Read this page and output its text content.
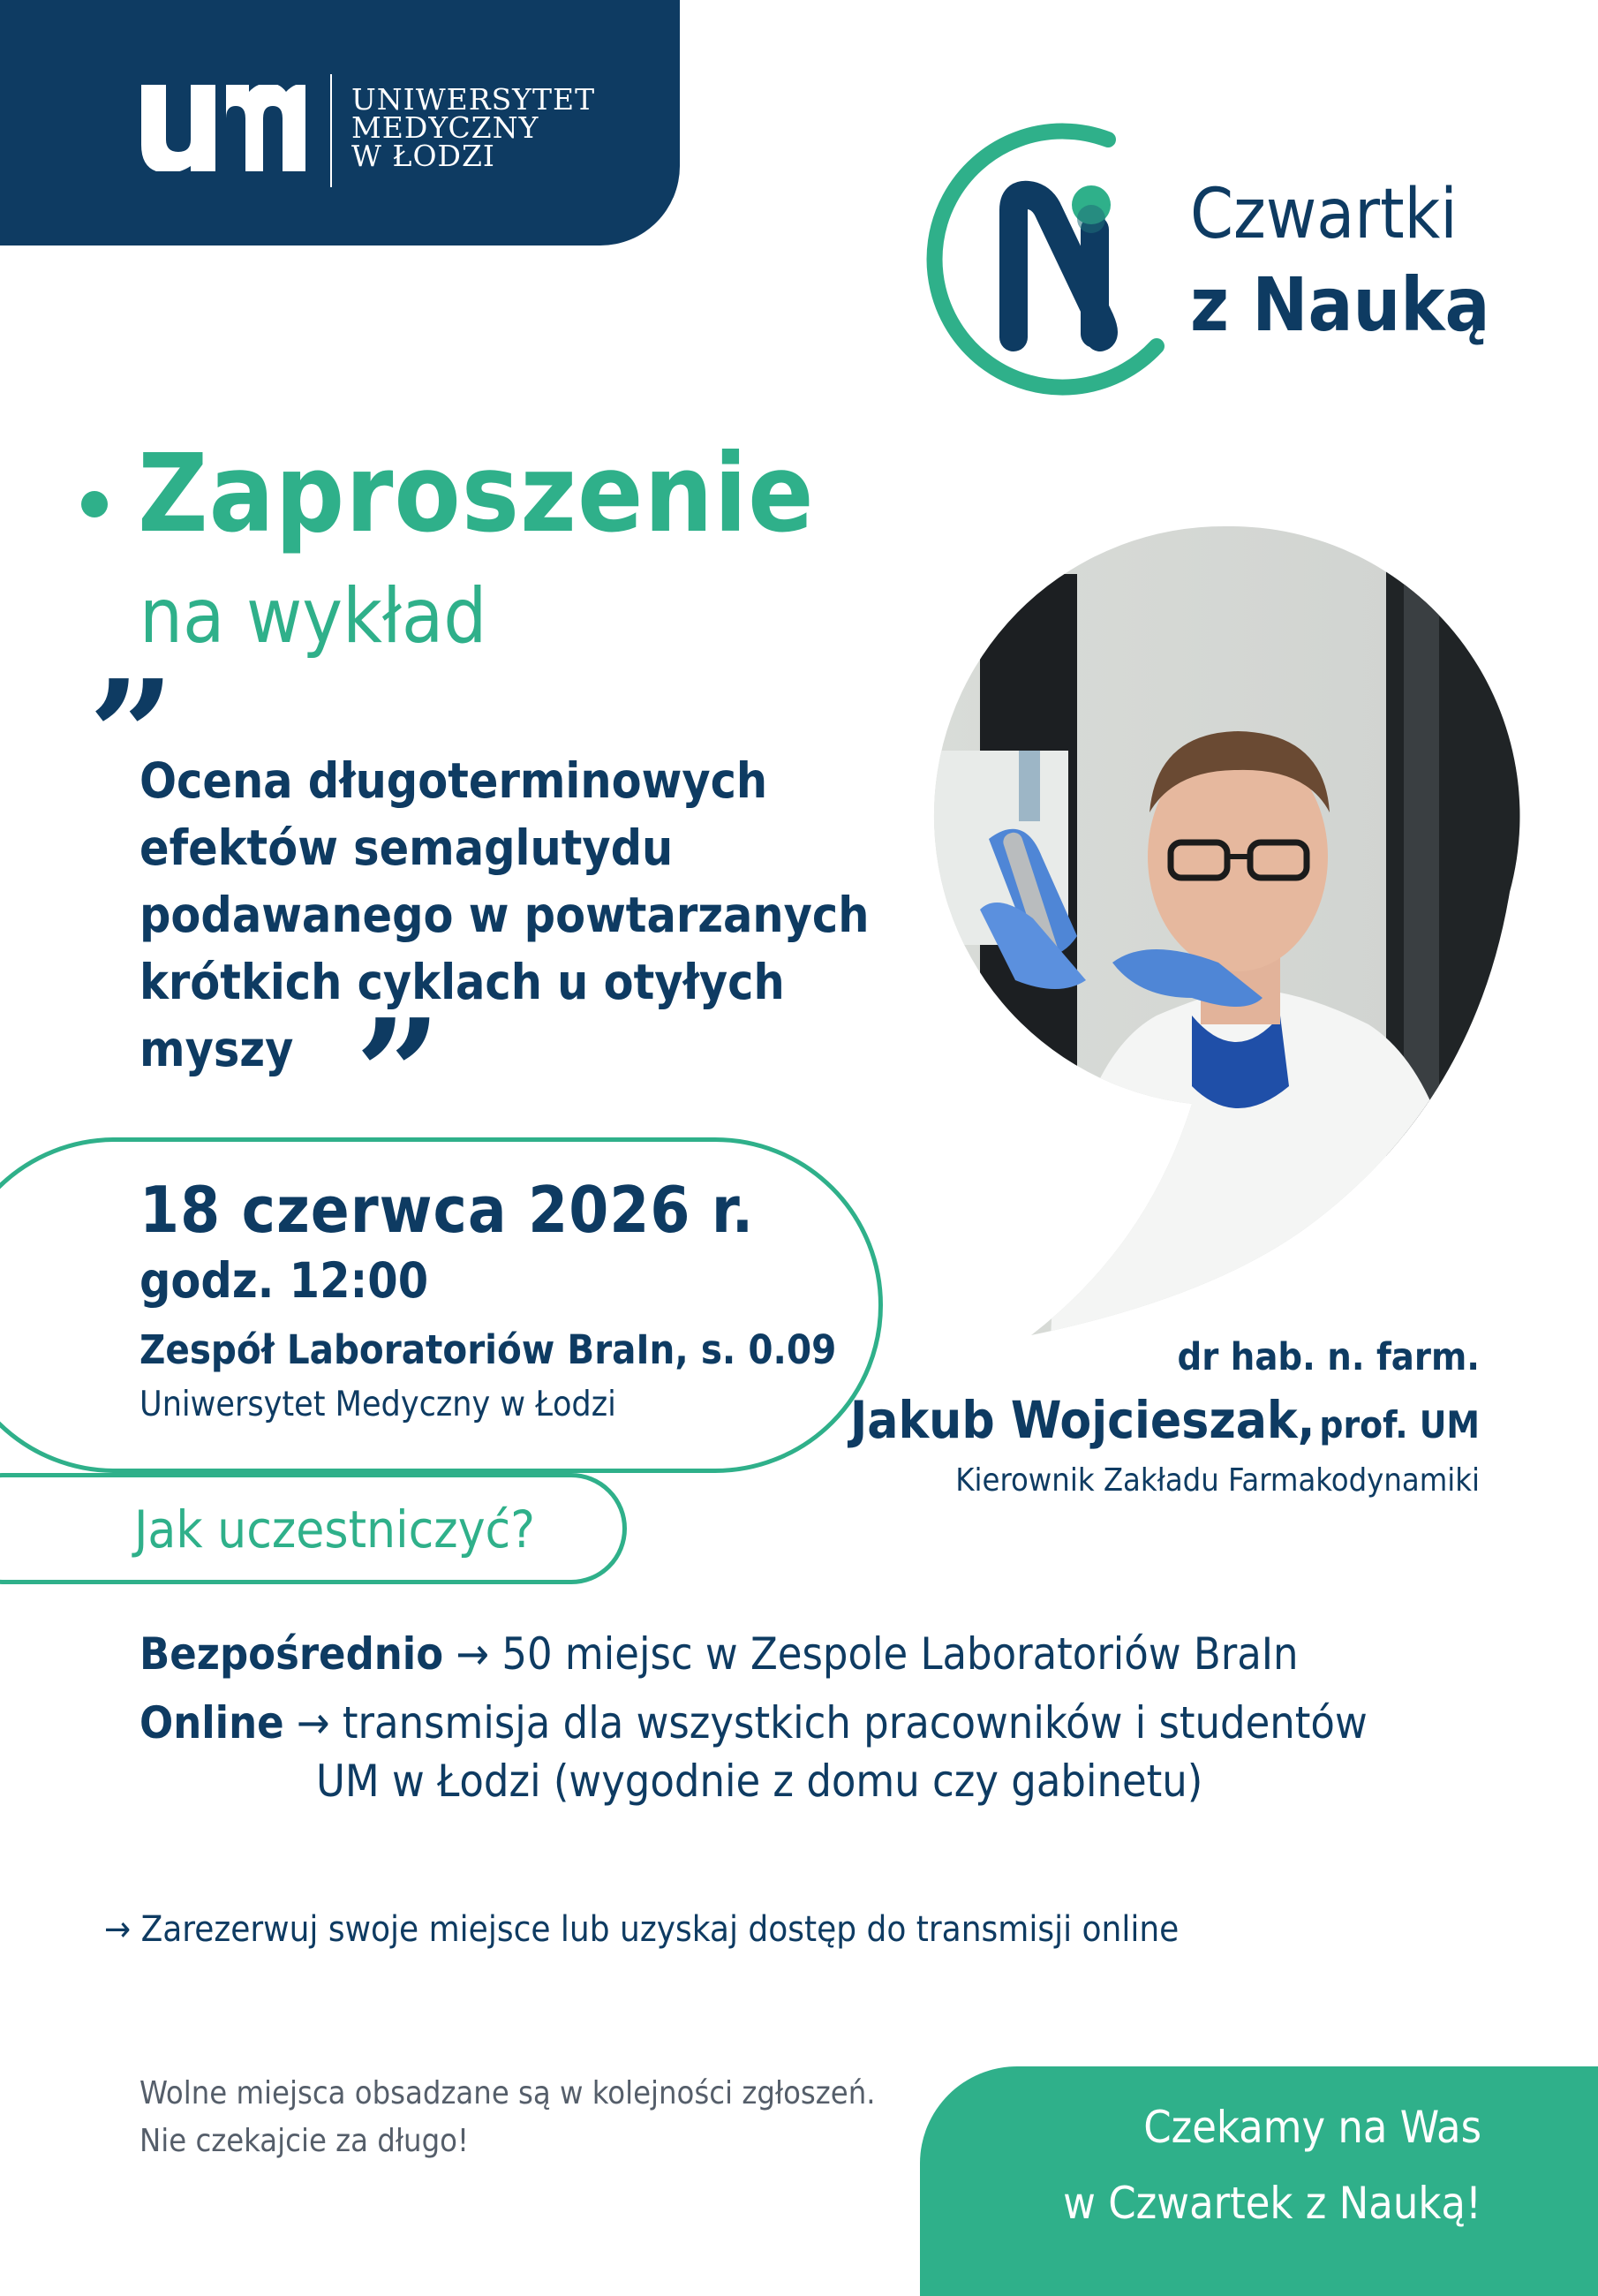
UNIWERSYTET
MEDYCZNY
W ŁODZI
Czwartki
z Nauką
Zaproszenie
na wykład
”
Ocena długoterminowych
efektów semaglutydu
podawanego w powtarzanych
krótkich cyklach u otyłych
myszy ”
18 czerwca 2026 r.
godz. 12:00
Zespół Laboratoriów BraIn, s. 0.09
Uniwersytet Medyczny w Łodzi
dr hab. n. farm.
Jakub Wojcieszak, prof. UM
Kierownik Zakładu Farmakodynamiki
Jak uczestniczyć?
Bezpośrednio → 50 miejsc w Zespole Laboratoriów BraIn
Online → transmisja dla wszystkich pracowników i studentów
UM w Łodzi (wygodnie z domu czy gabinetu)
→ Zarezerwuj swoje miejsce lub uzyskaj dostęp do transmisji online
Wolne miejsca obsadzane są w kolejności zgłoszeń.
Nie czekajcie za długo!	Czekamy na Was
w Czwartek z Nauką!
